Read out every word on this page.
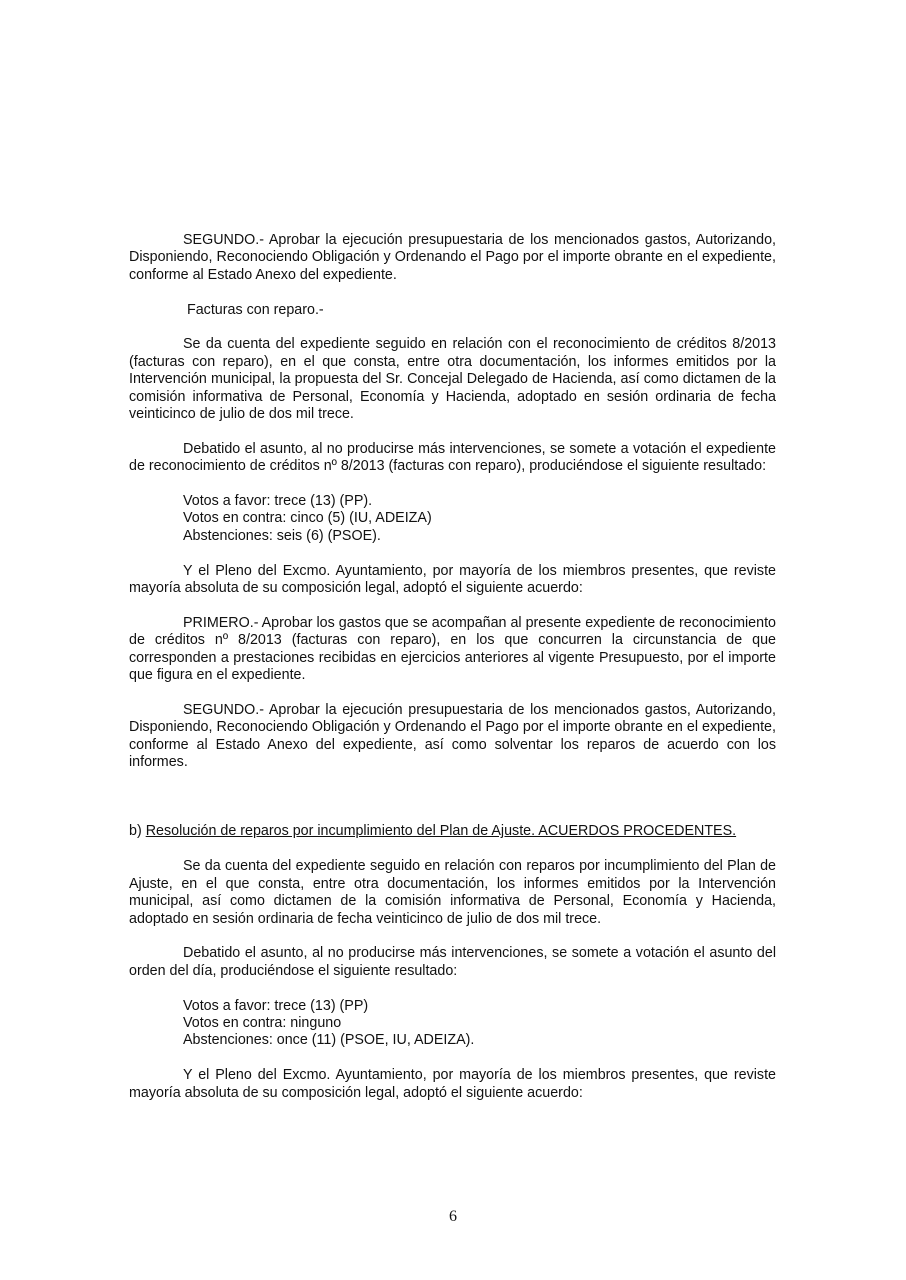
SEGUNDO.- Aprobar la ejecución presupuestaria de los mencionados gastos, Autorizando, Disponiendo, Reconociendo Obligación y Ordenando el Pago por el importe obrante en el expediente, conforme al Estado Anexo del expediente.

Facturas con reparo.-

Se da cuenta del expediente seguido en relación con el reconocimiento de créditos 8/2013 (facturas con reparo), en el que consta, entre otra documentación, los informes emitidos por la Intervención municipal, la propuesta del Sr. Concejal Delegado de Hacienda, así como dictamen de la comisión informativa de Personal, Economía y Hacienda, adoptado en sesión ordinaria de fecha veinticinco de julio de dos mil trece.

Debatido el asunto, al no producirse más intervenciones, se somete a votación el expediente de reconocimiento de créditos nº 8/2013 (facturas con reparo), produciéndose el siguiente resultado:

Votos a favor: trece (13) (PP).
Votos en contra: cinco (5) (IU, ADEIZA)
Abstenciones: seis (6) (PSOE).

Y el Pleno del Excmo. Ayuntamiento, por mayoría de los miembros presentes, que reviste mayoría absoluta de su composición legal, adoptó el siguiente acuerdo:

PRIMERO.- Aprobar los gastos que se acompañan al presente expediente de reconocimiento de créditos nº 8/2013 (facturas con reparo), en los que concurren la circunstancia de que corresponden a prestaciones recibidas en ejercicios anteriores al vigente Presupuesto, por el importe que figura en el expediente.

SEGUNDO.- Aprobar la ejecución presupuestaria de los mencionados gastos, Autorizando, Disponiendo, Reconociendo Obligación y Ordenando el Pago por el importe obrante en el expediente, conforme al Estado Anexo del expediente, así como solventar los reparos de acuerdo con los informes.

b) Resolución de reparos por incumplimiento del Plan de Ajuste. ACUERDOS PROCEDENTES.

Se da cuenta del expediente seguido en relación con reparos por incumplimiento del Plan de Ajuste, en el que consta, entre otra documentación, los informes emitidos por la Intervención municipal, así como dictamen de la comisión informativa de Personal, Economía y Hacienda, adoptado en sesión ordinaria de fecha veinticinco de julio de dos mil trece.

Debatido el asunto, al no producirse más intervenciones, se somete a votación el asunto del orden del día, produciéndose el siguiente resultado:

Votos a favor: trece (13) (PP)
Votos en contra: ninguno
Abstenciones: once (11) (PSOE, IU, ADEIZA).

Y el Pleno del Excmo. Ayuntamiento, por mayoría de los miembros presentes, que reviste mayoría absoluta de su composición legal, adoptó el siguiente acuerdo:

6
